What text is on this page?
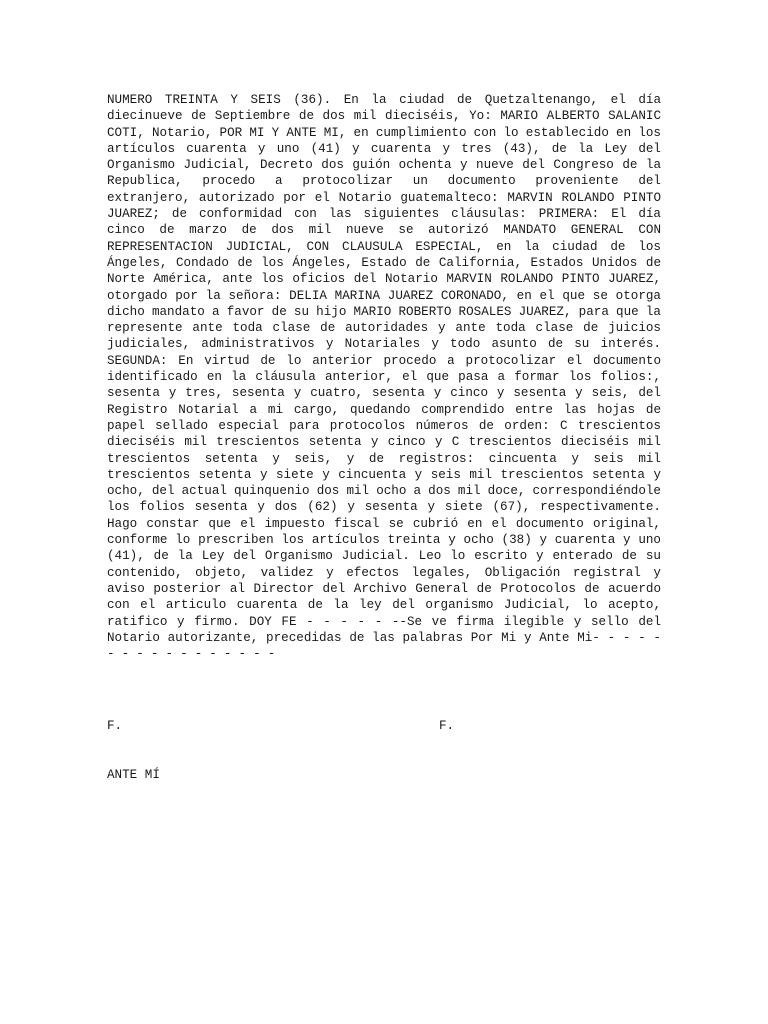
NUMERO TREINTA Y SEIS (36). En la ciudad de Quetzaltenango, el día diecinueve de Septiembre de dos mil dieciséis, Yo: MARIO ALBERTO SALANIC COTI, Notario, POR MI Y ANTE MI, en cumplimiento con lo establecido en los artículos cuarenta y uno (41) y cuarenta y tres (43), de la Ley del Organismo Judicial, Decreto dos guión ochenta y nueve del Congreso de la Republica, procedo a protocolizar un documento proveniente del extranjero, autorizado por el Notario guatemalteco: MARVIN ROLANDO PINTO JUAREZ; de conformidad con las siguientes cláusulas: PRIMERA: El día cinco de marzo de dos mil nueve se autorizó MANDATO GENERAL CON REPRESENTACION JUDICIAL, CON CLAUSULA ESPECIAL, en la ciudad de los Ángeles, Condado de los Ángeles, Estado de California, Estados Unidos de Norte América, ante los oficios del Notario MARVIN ROLANDO PINTO JUAREZ, otorgado por la señora: DELIA MARINA JUAREZ CORONADO, en el que se otorga dicho mandato a favor de su hijo MARIO ROBERTO ROSALES JUAREZ, para que la represente ante toda clase de autoridades y ante toda clase de juicios judiciales, administrativos y Notariales y todo asunto de su interés. SEGUNDA: En virtud de lo anterior procedo a protocolizar el documento identificado en la cláusula anterior, el que pasa a formar los folios:, sesenta y tres, sesenta y cuatro, sesenta y cinco y sesenta y seis, del Registro Notarial a mi cargo, quedando comprendido entre las hojas de papel sellado especial para protocolos números de orden: C trescientos dieciséis mil trescientos setenta y cinco y C trescientos dieciséis mil trescientos setenta y seis, y de registros: cincuenta y seis mil trescientos setenta y siete y cincuenta y seis mil trescientos setenta y ocho, del actual quinquenio dos mil ocho a dos mil doce, correspondiéndole los folios sesenta y dos (62) y sesenta y siete (67), respectivamente. Hago constar que el impuesto fiscal se cubrió en el documento original, conforme lo prescriben los artículos treinta y ocho (38) y cuarenta y uno (41), de la Ley del Organismo Judicial. Leo lo escrito y enterado de su contenido, objeto, validez y efectos legales, Obligación registral y aviso posterior al Director del Archivo General de Protocolos de acuerdo con el articulo cuarenta de la ley del organismo Judicial, lo acepto, ratifico y firmo. DOY FE - - - - - --Se ve firma ilegible y sello del Notario autorizante, precedidas de las palabras Por Mi y Ante Mi- - - - - - - - - - - - - - - - -

F.	F.

ANTE MÍ
